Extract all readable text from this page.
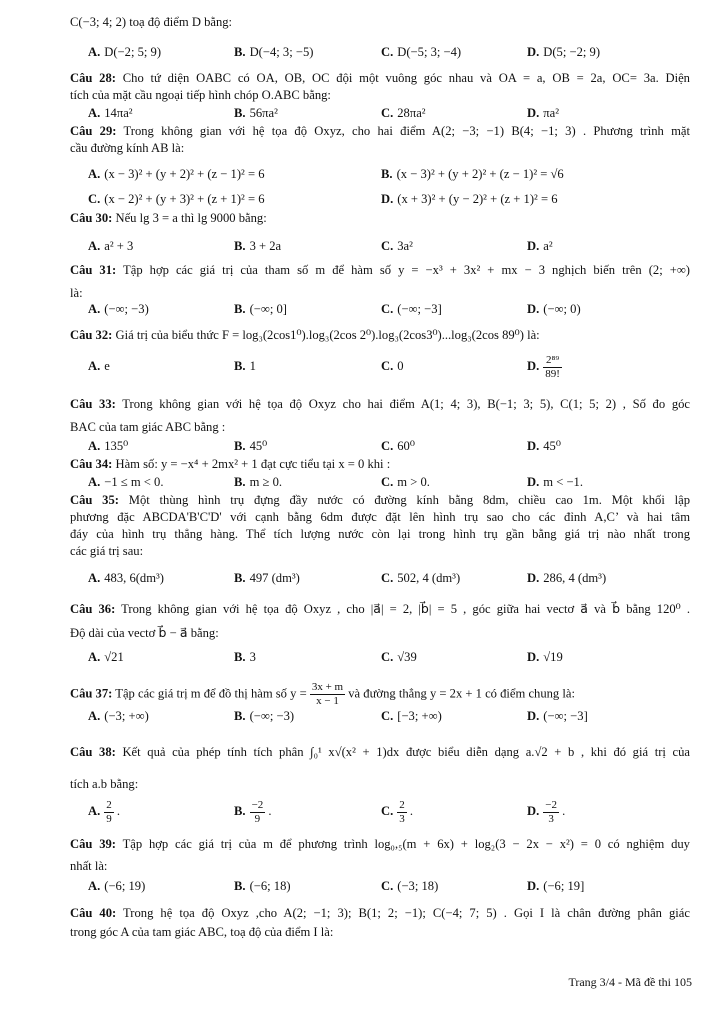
C(−3; 4; 2) toạ độ điểm D bằng:
Câu 28: Cho tứ diện OABC có OA, OB, OC đội một vuông góc nhau và OA = a, OB = 2a, OC= 3a. Diện
tích của mặt cầu ngoại tiếp hình chóp O.ABC bằng:
Câu 29: Trong không gian với hệ tọa độ Oxyz, cho hai điểm A(2; −3; −1) B(4; −1; 3) . Phương trình mặt
cầu đường kính AB là:
Câu 30: Nếu lg 3 = a thì lg 9000 bằng:
Câu 31: Tập hợp các giá trị của tham số m để hàm số y = −x³ + 3x² + mx − 3 nghịch biến trên (2; +∞)
là:
Câu 32: Giá trị của biểu thức F = log₃(2cos1⁰).log₃(2cos 2⁰).log₃(2cos3⁰)...log₃(2cos 89⁰) là:
Câu 33: Trong không gian với hệ tọa độ Oxyz cho hai điểm A(1; 4; 3), B(−1; 3; 5), C(1; 5; 2) , Số đo góc
BAC của tam giác ABC bằng :
Câu 34: Hàm số: y = −x⁴ + 2mx² + 1 đạt cực tiểu tại x = 0 khi :
Câu 35: Một thùng hình trụ đựng đầy nước có đường kính bằng 8dm, chiều cao 1m. Một khối lập
phương đặc ABCDA'B'C'D' với cạnh bằng 6dm được đặt lên hình trụ sao cho các đỉnh A,C’ và hai tâm
đáy của hình trụ thẳng hàng. Thể tích lượng nước còn lại trong hình trụ gần bằng giá trị nào nhất trong
các giá trị sau:
Câu 36: Trong không gian với hệ tọa độ Oxyz , cho |a⃗| = 2, |b⃗| = 5 , góc giữa hai vectơ a⃗ và b⃗ bằng 120⁰ .
Độ dài của vectơ b⃗ − a⃗ bằng:
Câu 37: Tập các giá trị m để đồ thị hàm số $y = \frac{3x + m}{x - 1}$ và đường thẳng y = 2x + 1 có điểm chung là:
Câu 38: Kết quả của phép tính tích phân ∫₀¹ x√(x² + 1)dx được biểu diễn dạng a.√2 + b , khi đó giá trị của
tích a.b bằng:
Câu 39: Tập hợp các giá trị của m để phương trình log₀,₅(m + 6x) + log₂(3 − 2x − x²) = 0 có nghiệm duy
nhất là:
Câu 40: Trong hệ tọa độ Oxyz ,cho A(2; −1; 3); B(1; 2; −1); C(−4; 7; 5) . Gọi I là chân đường phân giác
trong góc A của tam giác ABC, toạ độ của điểm I là:
A. D(−2; 5; 9)	B. D(−4; 3; −5)	C. D(−5; 3; −4)	D. D(5; −2; 9)
A. 14πa²	B. 56πa²	C. 28πa²	D. πa²
A. (x − 3)² + (y + 2)² + (z − 1)² = 6	B. (x − 3)² + (y + 2)² + (z − 1)² = √6
C. (x − 2)² + (y + 3)² + (z + 1)² = 6	D. (x + 3)² + (y − 2)² + (z + 1)² = 6
A. a² + 3	B. 3 + 2a	C. 3a²	D. a²
A. (−∞; −3)	B. (−∞; 0]	C. (−∞; −3]	D. (−∞; 0)
A. 135⁰	B. 45⁰	C. 60⁰	D. 45⁰
A. −1 ≤ m < 0.	B. m ≥ 0.	C. m > 0.	D. m < −1.
A. 483, 6(dm³)	B. 497 (dm³)	C. 502, 4 (dm³)	D. 286, 4 (dm³)
A. √21	B. 3	C. √39	D. √19
A. (−3; +∞)	B. (−∞; −3)	C. [−3; +∞)	D. (−∞; −3]
A. (−6; 19)	B. (−6; 18)	C. (−3; 18)	D. (−6; 19]
A. e	B. 1	C. 0	D. $\frac{\text{2⁸⁹}}{89!}$
A. $\frac{2}{9}$ .	B. $\frac{-2}{9}$ .	C. $\frac{2}{3}$ .	D. $\frac{-2}{3}$ .
Trang 3/4 - Mã đề thi 105
